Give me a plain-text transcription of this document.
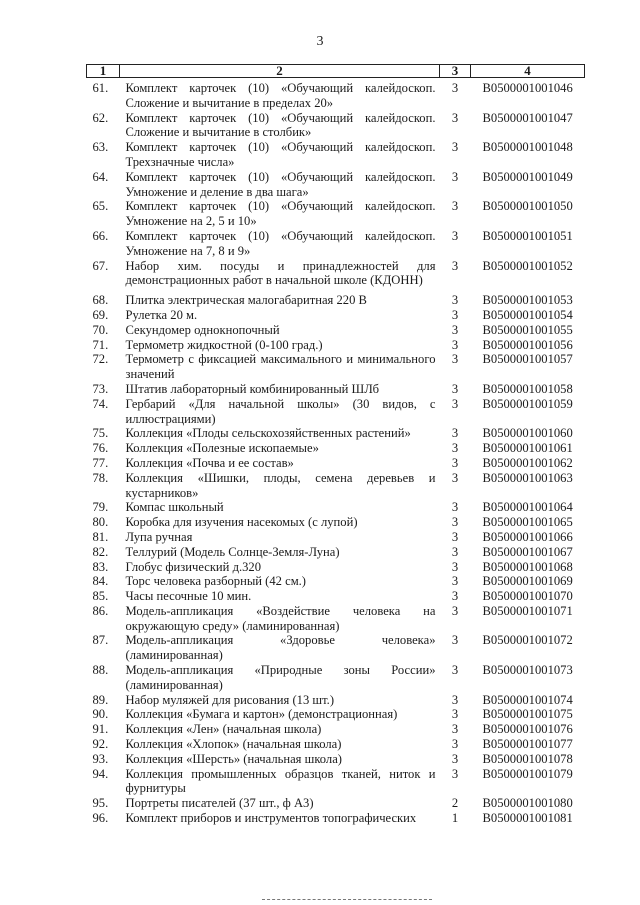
3
1	2	3	4
61.	Комплект карточек (10) «Обучающий калейдоскоп. Сложение и вычитание в пределах 20»	3	В0500001001046
62.	Комплект карточек (10) «Обучающий калейдоскоп. Сложение и вычитание в столбик»	3	В0500001001047
63.	Комплект карточек (10) «Обучающий калейдоскоп. Трехзначные числа»	3	В0500001001048
64.	Комплект карточек (10) «Обучающий калейдоскоп. Умножение и деление в два шага»	3	В0500001001049
65.	Комплект карточек (10) «Обучающий калейдоскоп. Умножение на 2, 5 и 10»	3	В0500001001050
66.	Комплект карточек (10) «Обучающий калейдоскоп. Умножение на 7, 8 и 9»	3	В0500001001051
67.	Набор хим. посуды и принадлежностей для демонстрационных работ в начальной школе (КДОНН)	3	В0500001001052
68.	Плитка электрическая малогабаритная 220 В	3	В0500001001053
69.	Рулетка 20 м.	3	В0500001001054
70.	Секундомер однокнопочный	3	В0500001001055
71.	Термометр жидкостной (0-100 град.)	3	В0500001001056
72.	Термометр с фиксацией максимального и минимального значений	3	В0500001001057
73.	Штатив лабораторный комбинированный ШЛб	3	В0500001001058
74.	Гербарий «Для начальной школы» (30 видов, с иллюстрациями)	3	В0500001001059
75.	Коллекция «Плоды сельскохозяйственных растений»	3	В0500001001060
76.	Коллекция «Полезные ископаемые»	3	В0500001001061
77.	Коллекция «Почва и ее состав»	3	В0500001001062
78.	Коллекция «Шишки, плоды, семена деревьев и кустарников»	3	В0500001001063
79.	Компас школьный	3	В0500001001064
80.	Коробка для изучения насекомых (с лупой)	3	В0500001001065
81.	Лупа ручная	3	В0500001001066
82.	Теллурий (Модель Солнце-Земля-Луна)	3	В0500001001067
83.	Глобус физический д.320	3	В0500001001068
84.	Торс человека разборный (42 см.)	3	В0500001001069
85.	Часы песочные 10 мин.	3	В0500001001070
86.	Модель-аппликация «Воздействие человека на окружающую среду» (ламинированная)	3	В0500001001071
87.	Модель-аппликация «Здоровье человека» (ламинированная)	3	В0500001001072
88.	Модель-аппликация «Природные зоны России» (ламинированная)	3	В0500001001073
89.	Набор муляжей для рисования (13 шт.)	3	В0500001001074
90.	Коллекция «Бумага и картон» (демонстрационная)	3	В0500001001075
91.	Коллекция «Лен» (начальная школа)	3	В0500001001076
92.	Коллекция «Хлопок» (начальная школа)	3	В0500001001077
93.	Коллекция «Шерсть» (начальная школа)	3	В0500001001078
94.	Коллекция промышленных образцов тканей, ниток и фурнитуры	3	В0500001001079
95.	Портреты писателей (37 шт., ф А3)	2	В0500001001080
96.	Комплект приборов и инструментов топографических	1	В0500001001081
